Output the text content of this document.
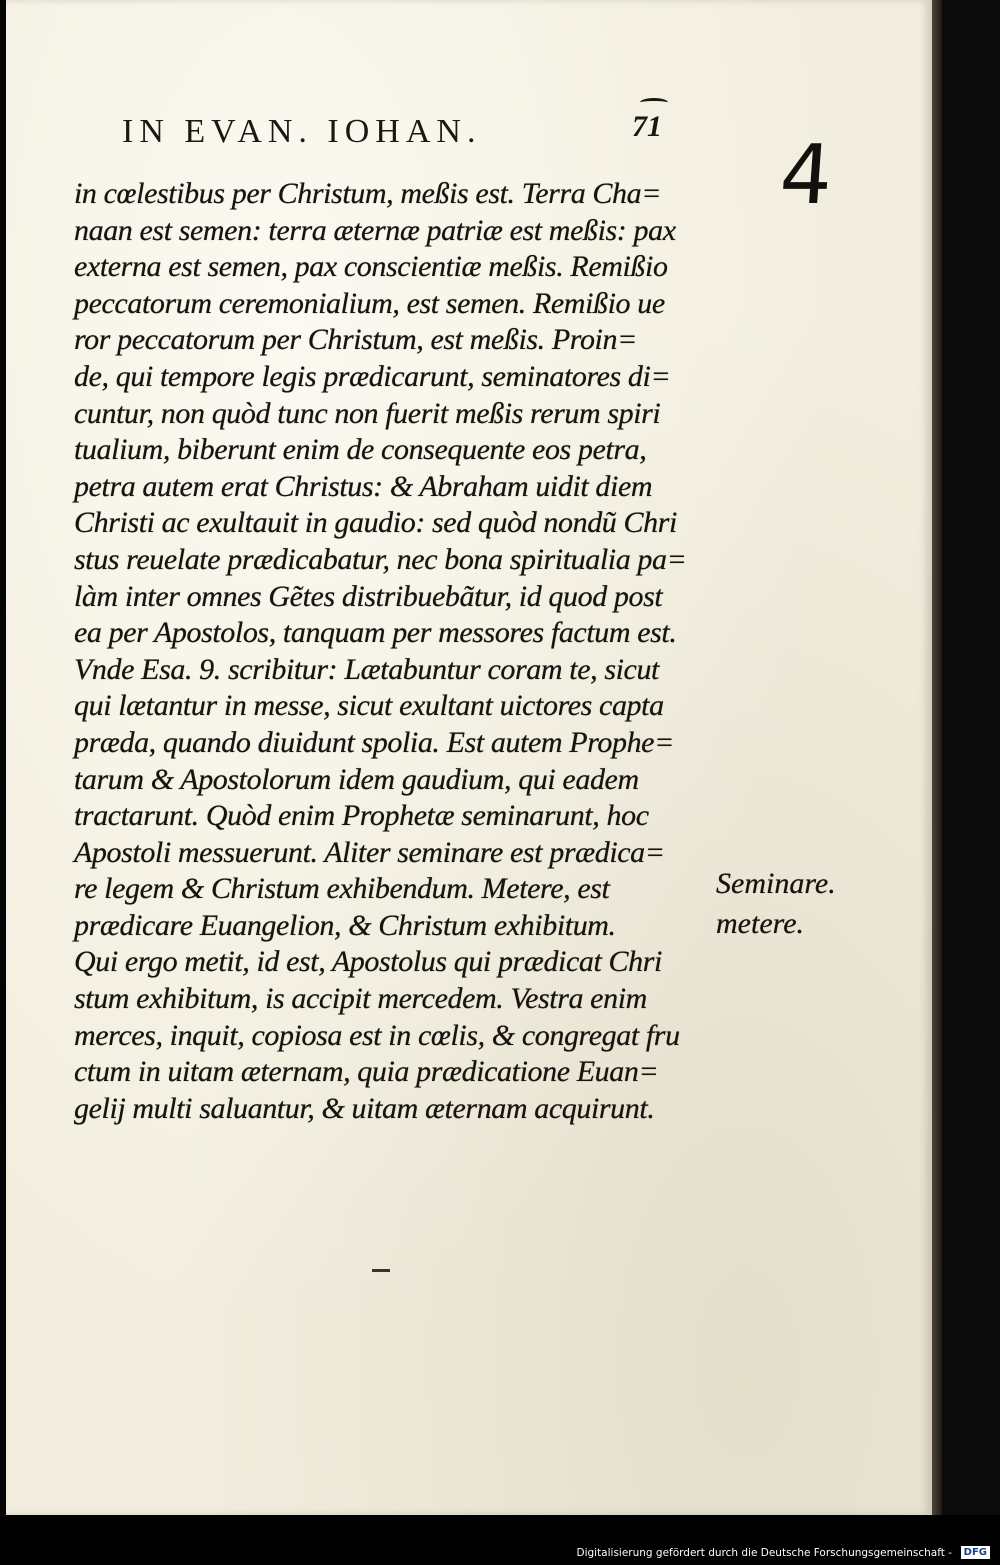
IN EVAN. IOHAN.	71
4
in cœlestibus per Christum, meßis est. Terra Cha=
naan est semen: terra æternæ patriæ est meßis: pax
externa est semen, pax conscientiæ meßis. Remißio
peccatorum ceremonialium, est semen. Remißio ue
ror peccatorum per Christum, est meßis. Proin=
de, qui tempore legis prædicarunt, seminatores di=
cuntur, non quòd tunc non fuerit meßis rerum spiri
tualium, biberunt enim de consequente eos petra,
petra autem erat Christus: & Abraham uidit diem
Christi ac exultauit in gaudio: sed quòd nondũ Chri
stus reuelate prædicabatur, nec bona spiritualia pa=
làm inter omnes Gẽtes distribuebãtur, id quod post
ea per Apostolos, tanquam per messores factum est.
Vnde Esa. 9. scribitur: Lætabuntur coram te, sicut
qui lætantur in messe, sicut exultant uictores capta
præda, quando diuidunt spolia. Est autem Prophe=
tarum & Apostolorum idem gaudium, qui eadem
tractarunt. Quòd enim Prophetæ seminarunt, hoc
Apostoli messuerunt. Aliter seminare est prædica=
re legem & Christum exhibendum. Metere, est
prædicare Euangelion, & Christum exhibitum.
Qui ergo metit, id est, Apostolus qui prædicat Chri
stum exhibitum, is accipit mercedem. Vestra enim
merces, inquit, copiosa est in cœlis, & congregat fru
ctum in uitam æternam, quia prædicatione Euan=
gelij multi saluantur, & uitam æternam acquirunt.
Seminare.
metere.
Digitalisierung gefördert durch die Deutsche Forschungsgemeinschaft -	DFG
